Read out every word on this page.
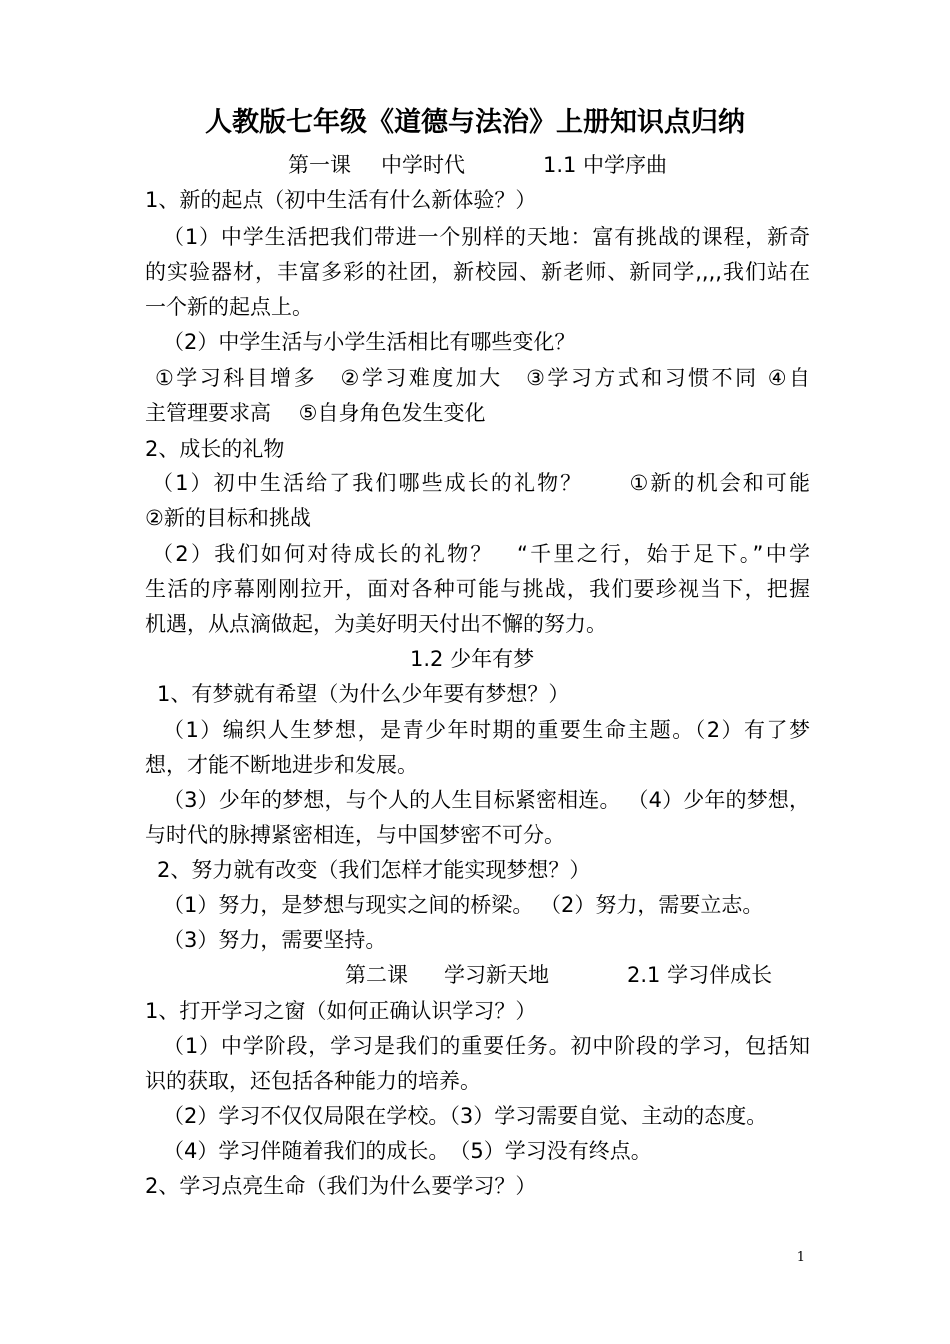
人教版七年级《道德与法治》上册知识点归纳
第一课 中学时代	1.1 中学序曲
1、新的起点（初中生活有什么新体验？）
（1）中学生活把我们带进一个别样的天地：富有挑战的课程，新奇
的实验器材，丰富多彩的社团，新校园、新老师、新同学,,,,我们站在
一个新的起点上。
（2）中学生活与小学生活相比有哪些变化？
①学习科目增多　②学习难度加大　③学习方式和习惯不同 ④自
主管理要求高　 ⑤自身角色发生变化
2、成长的礼物
（1）初中生活给了我们哪些成长的礼物？　　①新的机会和可能
②新的目标和挑战
（2）我们如何对待成长的礼物？　“千里之行，始于足下。”中学
生活的序幕刚刚拉开，面对各种可能与挑战，我们要珍视当下，把握
机遇，从点滴做起，为美好明天付出不懈的努力。
1.2 少年有梦
1、有梦就有希望（为什么少年要有梦想？）
（1）编织人生梦想，是青少年时期的重要生命主题。（2）有了梦
想，才能不断地进步和发展。
（3）少年的梦想，与个人的人生目标紧密相连。 （4）少年的梦想，
与时代的脉搏紧密相连，与中国梦密不可分。
2、努力就有改变（我们怎样才能实现梦想？）
（1）努力，是梦想与现实之间的桥梁。 （2）努力，需要立志。
（3）努力，需要坚持。
第二课 学习新天地	2.1 学习伴成长
1、打开学习之窗（如何正确认识学习？）
（1）中学阶段，学习是我们的重要任务。初中阶段的学习，包括知
识的获取，还包括各种能力的培养。
（2）学习不仅仅局限在学校。（3）学习需要自觉、主动的态度。
（4）学习伴随着我们的成长。　（5）学习没有终点。
2、学习点亮生命（我们为什么要学习？）
1
